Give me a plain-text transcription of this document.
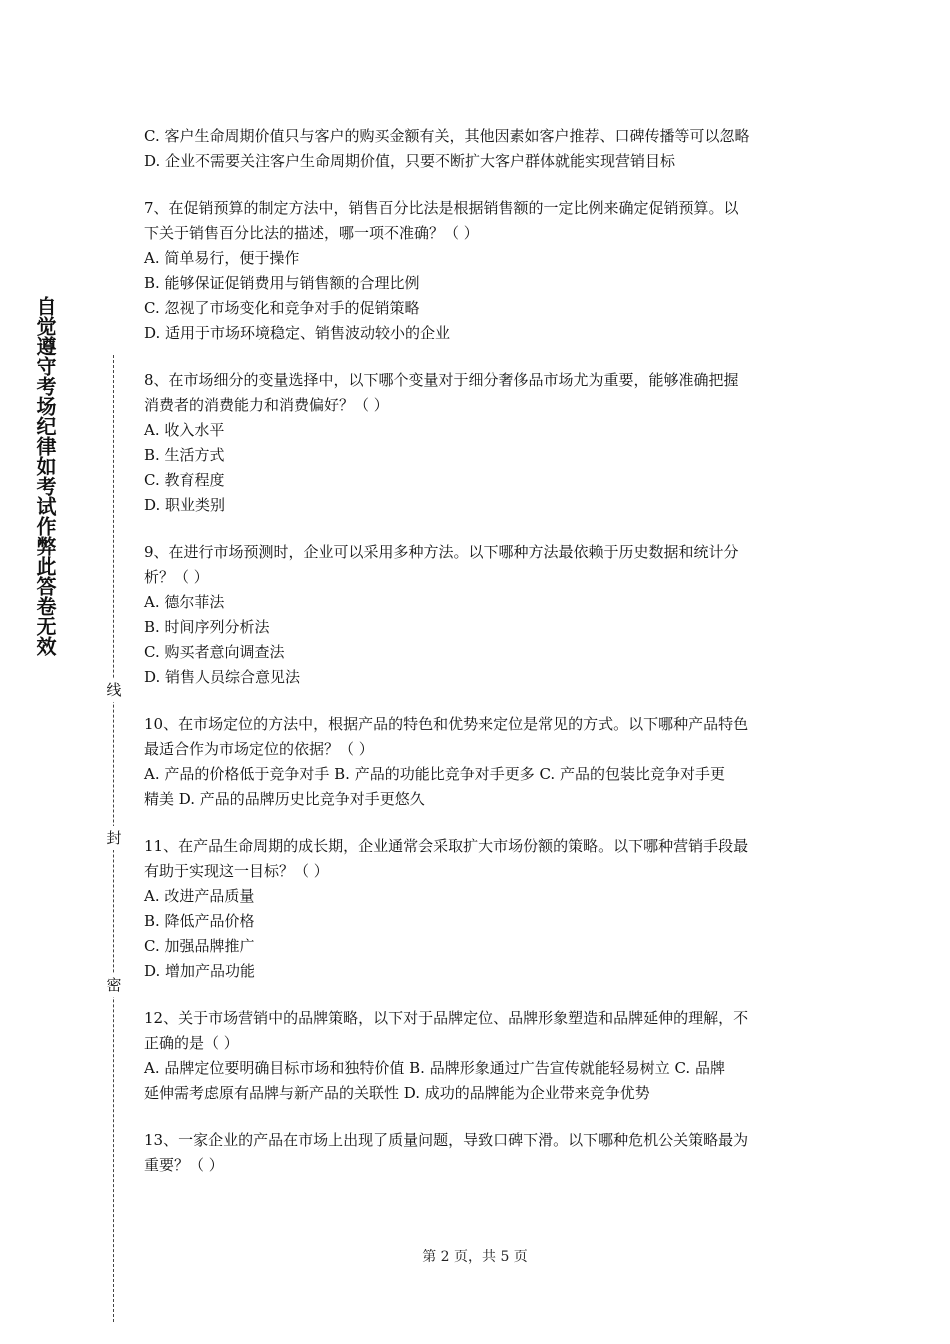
自觉遵守考场纪律如考试作弊此答卷无效
线
封
密
C. 客户生命周期价值只与客户的购买金额有关，其他因素如客户推荐、口碑传播等可以忽略
D. 企业不需要关注客户生命周期价值，只要不断扩大客户群体就能实现营销目标
7、在促销预算的制定方法中，销售百分比法是根据销售额的一定比例来确定促销预算。以
下关于销售百分比法的描述，哪一项不准确？（ ）
A. 简单易行，便于操作
B. 能够保证促销费用与销售额的合理比例
C. 忽视了市场变化和竞争对手的促销策略
D. 适用于市场环境稳定、销售波动较小的企业
8、在市场细分的变量选择中，以下哪个变量对于细分奢侈品市场尤为重要，能够准确把握
消费者的消费能力和消费偏好？（ ）
A. 收入水平
B. 生活方式
C. 教育程度
D. 职业类别
9、在进行市场预测时，企业可以采用多种方法。以下哪种方法最依赖于历史数据和统计分
析？（ ）
A. 德尔菲法
B. 时间序列分析法
C. 购买者意向调查法
D. 销售人员综合意见法
10、在市场定位的方法中，根据产品的特色和优势来定位是常见的方式。以下哪种产品特色
最适合作为市场定位的依据？（ ）
A. 产品的价格低于竞争对手 B. 产品的功能比竞争对手更多 C. 产品的包装比竞争对手更
精美 D. 产品的品牌历史比竞争对手更悠久
11、在产品生命周期的成长期，企业通常会采取扩大市场份额的策略。以下哪种营销手段最
有助于实现这一目标？（ ）
A. 改进产品质量
B. 降低产品价格
C. 加强品牌推广
D. 增加产品功能
12、关于市场营销中的品牌策略，以下对于品牌定位、品牌形象塑造和品牌延伸的理解，不
正确的是（ ）
A. 品牌定位要明确目标市场和独特价值 B. 品牌形象通过广告宣传就能轻易树立 C. 品牌
延伸需考虑原有品牌与新产品的关联性 D. 成功的品牌能为企业带来竞争优势
13、一家企业的产品在市场上出现了质量问题，导致口碑下滑。以下哪种危机公关策略最为
重要？（ ）
第 2 页，共 5 页
